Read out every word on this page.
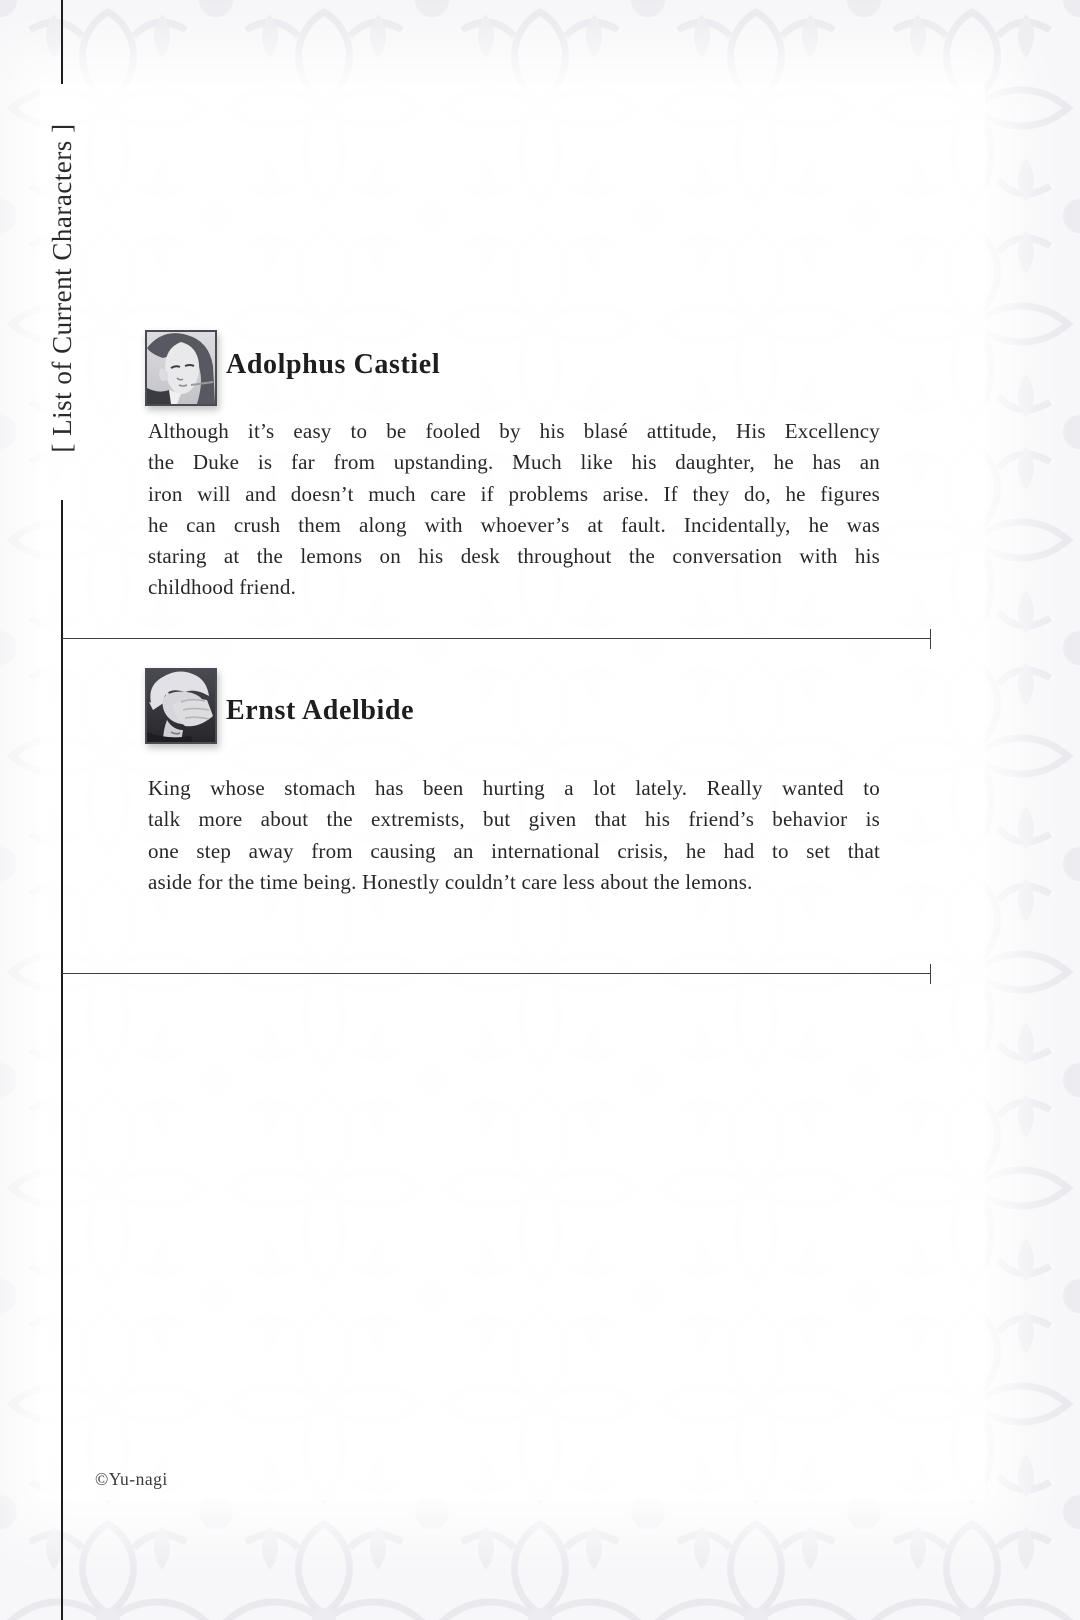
[ List of Current Characters ]	Adolphus Castiel
Although it’s easy to be fooled by his blasé attitude, His Excellency
the Duke is far from upstanding. Much like his daughter, he has an
iron will and doesn’t much care if problems arise. If they do, he figures
he can crush them along with whoever’s at fault. Incidentally, he was
staring at the lemons on his desk throughout the conversation with his
childhood friend.
Ernst Adelbide
King whose stomach has been hurting a lot lately. Really wanted to
talk more about the extremists, but given that his friend’s behavior is
one step away from causing an international crisis, he had to set that
aside for the time being. Honestly couldn’t care less about the lemons.
©Yu-nagi
